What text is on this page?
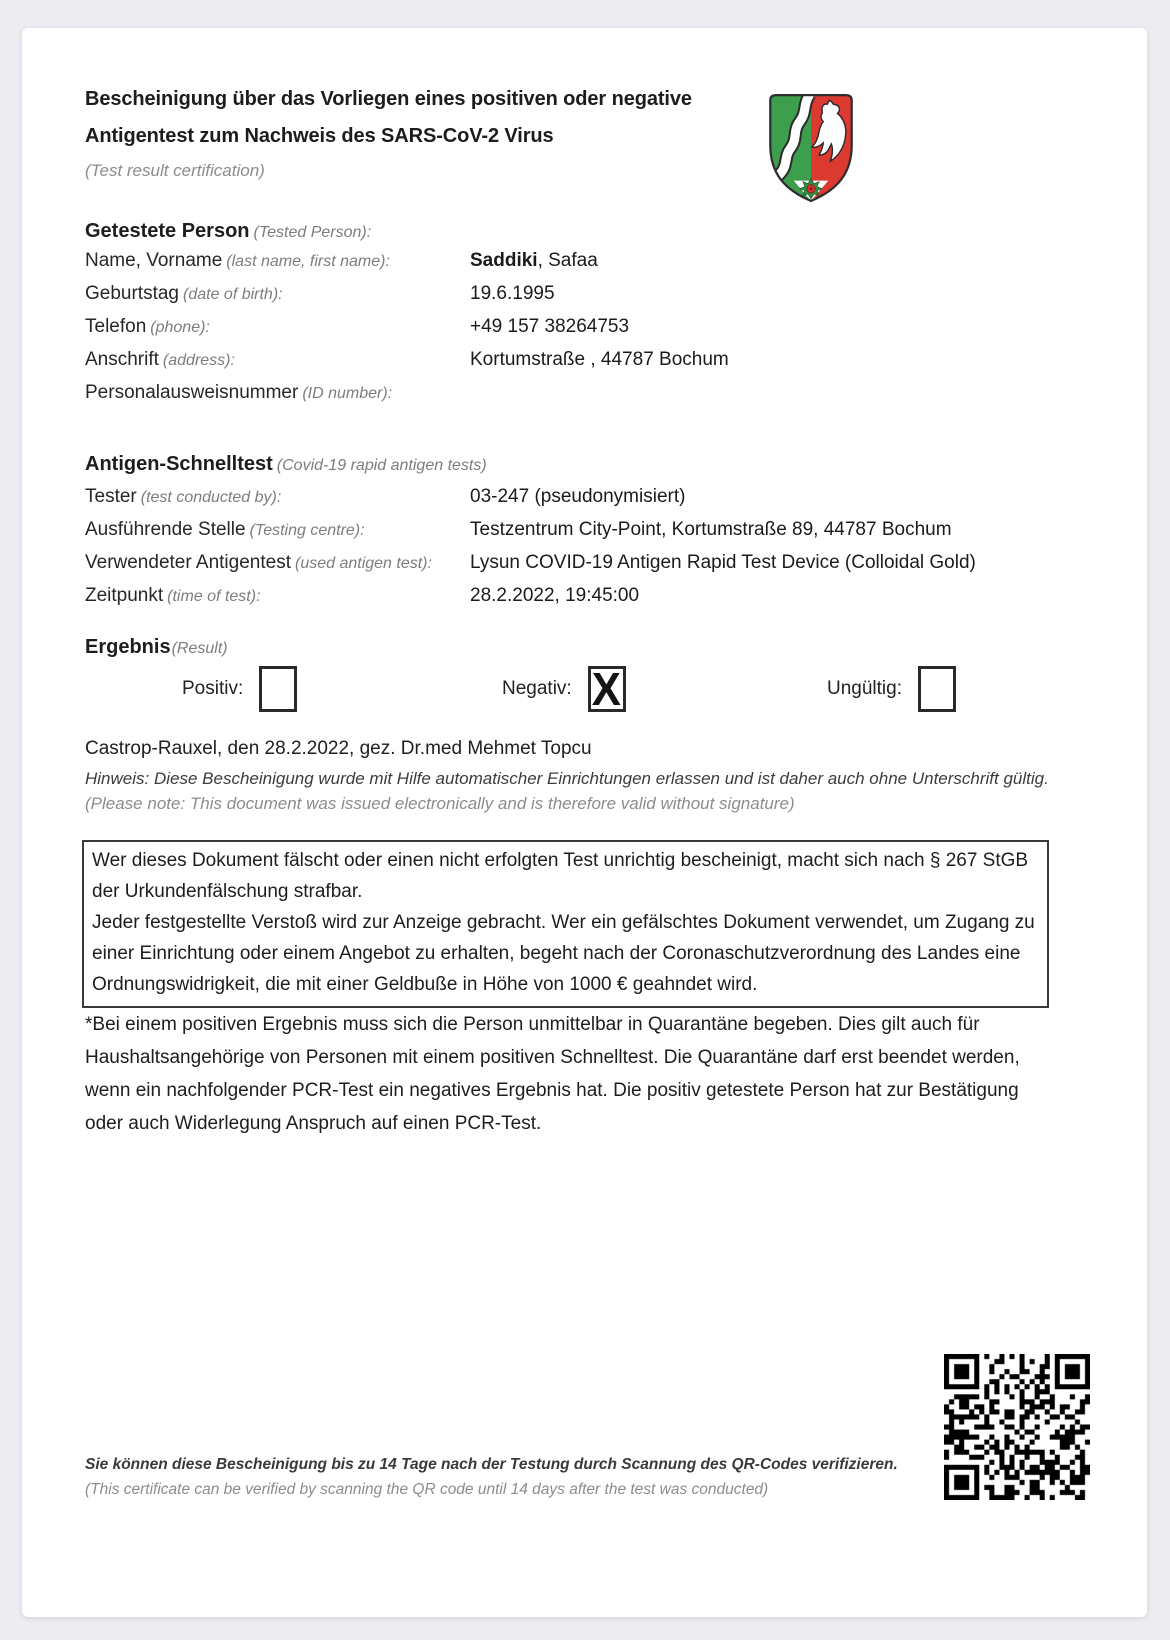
Bescheinigung über das Vorliegen eines positiven oder negative
Antigentest zum Nachweis des SARS-CoV-2 Virus
(Test result certification)
Getestete Person (Tested Person):
Name, Vorname (last name, first name):	Saddiki, Safaa
Geburtstag (date of birth):	19.6.1995
Telefon (phone):	+49 157 38264753
Anschrift (address):	Kortumstraße , 44787 Bochum
Personalausweisnummer (ID number):
Antigen-Schnelltest (Covid-19 rapid antigen tests)
Tester (test conducted by):	03-247 (pseudonymisiert)
Ausführende Stelle (Testing centre):	Testzentrum City-Point, Kortumstraße 89, 44787 Bochum
Verwendeter Antigentest (used antigen test):	Lysun COVID-19 Antigen Rapid Test Device (Colloidal Gold)
Zeitpunkt (time of test):	28.2.2022, 19:45:00
Ergebnis(Result)
Positiv:	Negativ: X	Ungültig:
Castrop-Rauxel, den 28.2.2022, gez. Dr.med Mehmet Topcu
Hinweis: Diese Bescheinigung wurde mit Hilfe automatischer Einrichtungen erlassen und ist daher auch ohne Unterschrift gültig.
(Please note: This document was issued electronically and is therefore valid without signature)
Wer dieses Dokument fälscht oder einen nicht erfolgten Test unrichtig bescheinigt, macht sich nach § 267 StGB der Urkundenfälschung strafbar.
Jeder festgestellte Verstoß wird zur Anzeige gebracht. Wer ein gefälschtes Dokument verwendet, um Zugang zu einer Einrichtung oder einem Angebot zu erhalten, begeht nach der Coronaschutzverordnung des Landes eine Ordnungswidrigkeit, die mit einer Geldbuße in Höhe von 1000 € geahndet wird.
*Bei einem positiven Ergebnis muss sich die Person unmittelbar in Quarantäne begeben. Dies gilt auch für Haushaltsangehörige von Personen mit einem positiven Schnelltest. Die Quarantäne darf erst beendet werden, wenn ein nachfolgender PCR-Test ein negatives Ergebnis hat. Die positiv getestete Person hat zur Bestätigung oder auch Widerlegung Anspruch auf einen PCR-Test.
Sie können diese Bescheinigung bis zu 14 Tage nach der Testung durch Scannung des QR-Codes verifizieren.
(This certificate can be verified by scanning the QR code until 14 days after the test was conducted)
